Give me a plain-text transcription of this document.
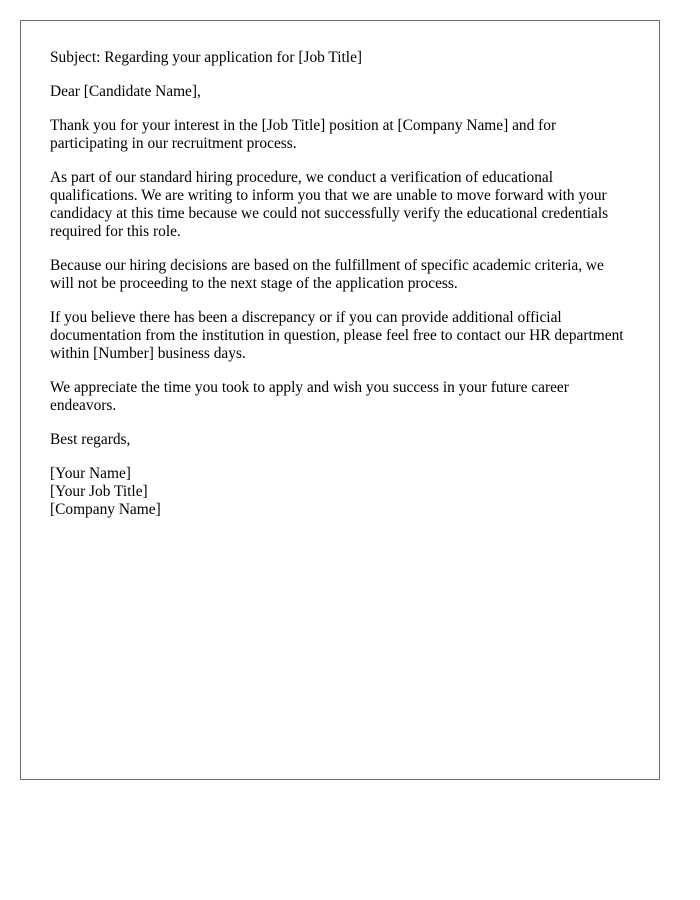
Subject: Regarding your application for [Job Title]

Dear [Candidate Name],

Thank you for your interest in the [Job Title] position at [Company Name] and for participating in our recruitment process.

As part of our standard hiring procedure, we conduct a verification of educational qualifications. We are writing to inform you that we are unable to move forward with your candidacy at this time because we could not successfully verify the educational credentials required for this role.

Because our hiring decisions are based on the fulfillment of specific academic criteria, we will not be proceeding to the next stage of the application process.

If you believe there has been a discrepancy or if you can provide additional official documentation from the institution in question, please feel free to contact our HR department within [Number] business days.

We appreciate the time you took to apply and wish you success in your future career endeavors.

Best regards,

[Your Name]
[Your Job Title]
[Company Name]
